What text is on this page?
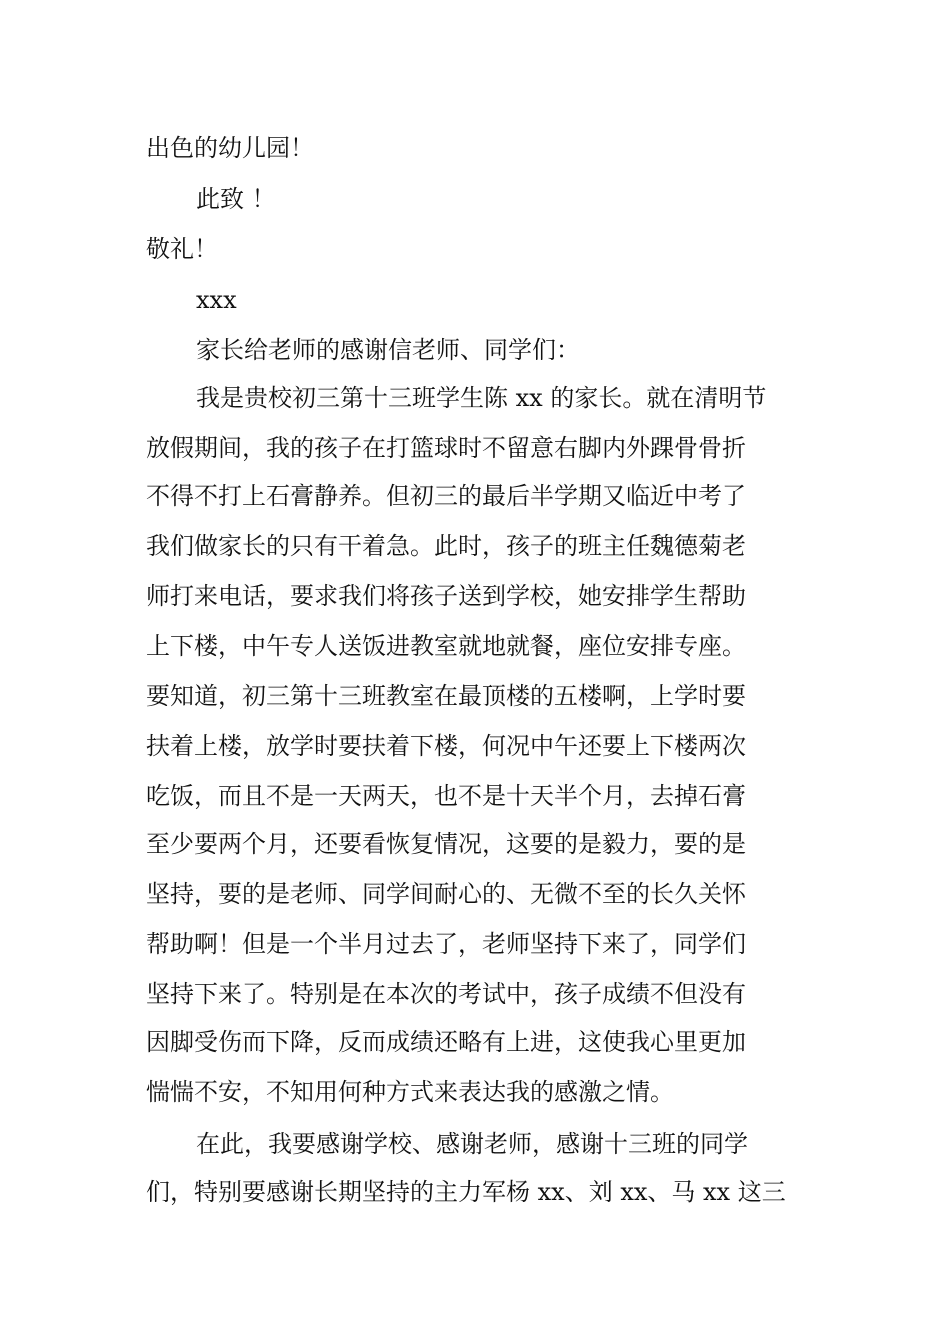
出色的幼儿园！
此致 ！
敬礼！
xxx
家长给老师的感谢信老师、同学们：
我是贵校初三第十三班学生陈 xx 的家长。就在清明节
放假期间，我的孩子在打篮球时不留意右脚内外踝骨骨折
不得不打上石膏静养。但初三的最后半学期又临近中考了
我们做家长的只有干着急。此时，孩子的班主任魏德菊老
师打来电话，要求我们将孩子送到学校，她安排学生帮助
上下楼，中午专人送饭进教室就地就餐，座位安排专座。
要知道，初三第十三班教室在最顶楼的五楼啊，上学时要
扶着上楼，放学时要扶着下楼，何况中午还要上下楼两次
吃饭，而且不是一天两天，也不是十天半个月，去掉石膏
至少要两个月，还要看恢复情况，这要的是毅力，要的是
坚持，要的是老师、同学间耐心的、无微不至的长久关怀
帮助啊！但是一个半月过去了，老师坚持下来了，同学们
坚持下来了。特别是在本次的考试中，孩子成绩不但没有
因脚受伤而下降，反而成绩还略有上进，这使我心里更加
惴惴不安，不知用何种方式来表达我的感激之情。
在此，我要感谢学校、感谢老师，感谢十三班的同学
们，特别要感谢长期坚持的主力军杨 xx、刘 xx、马 xx 这三
